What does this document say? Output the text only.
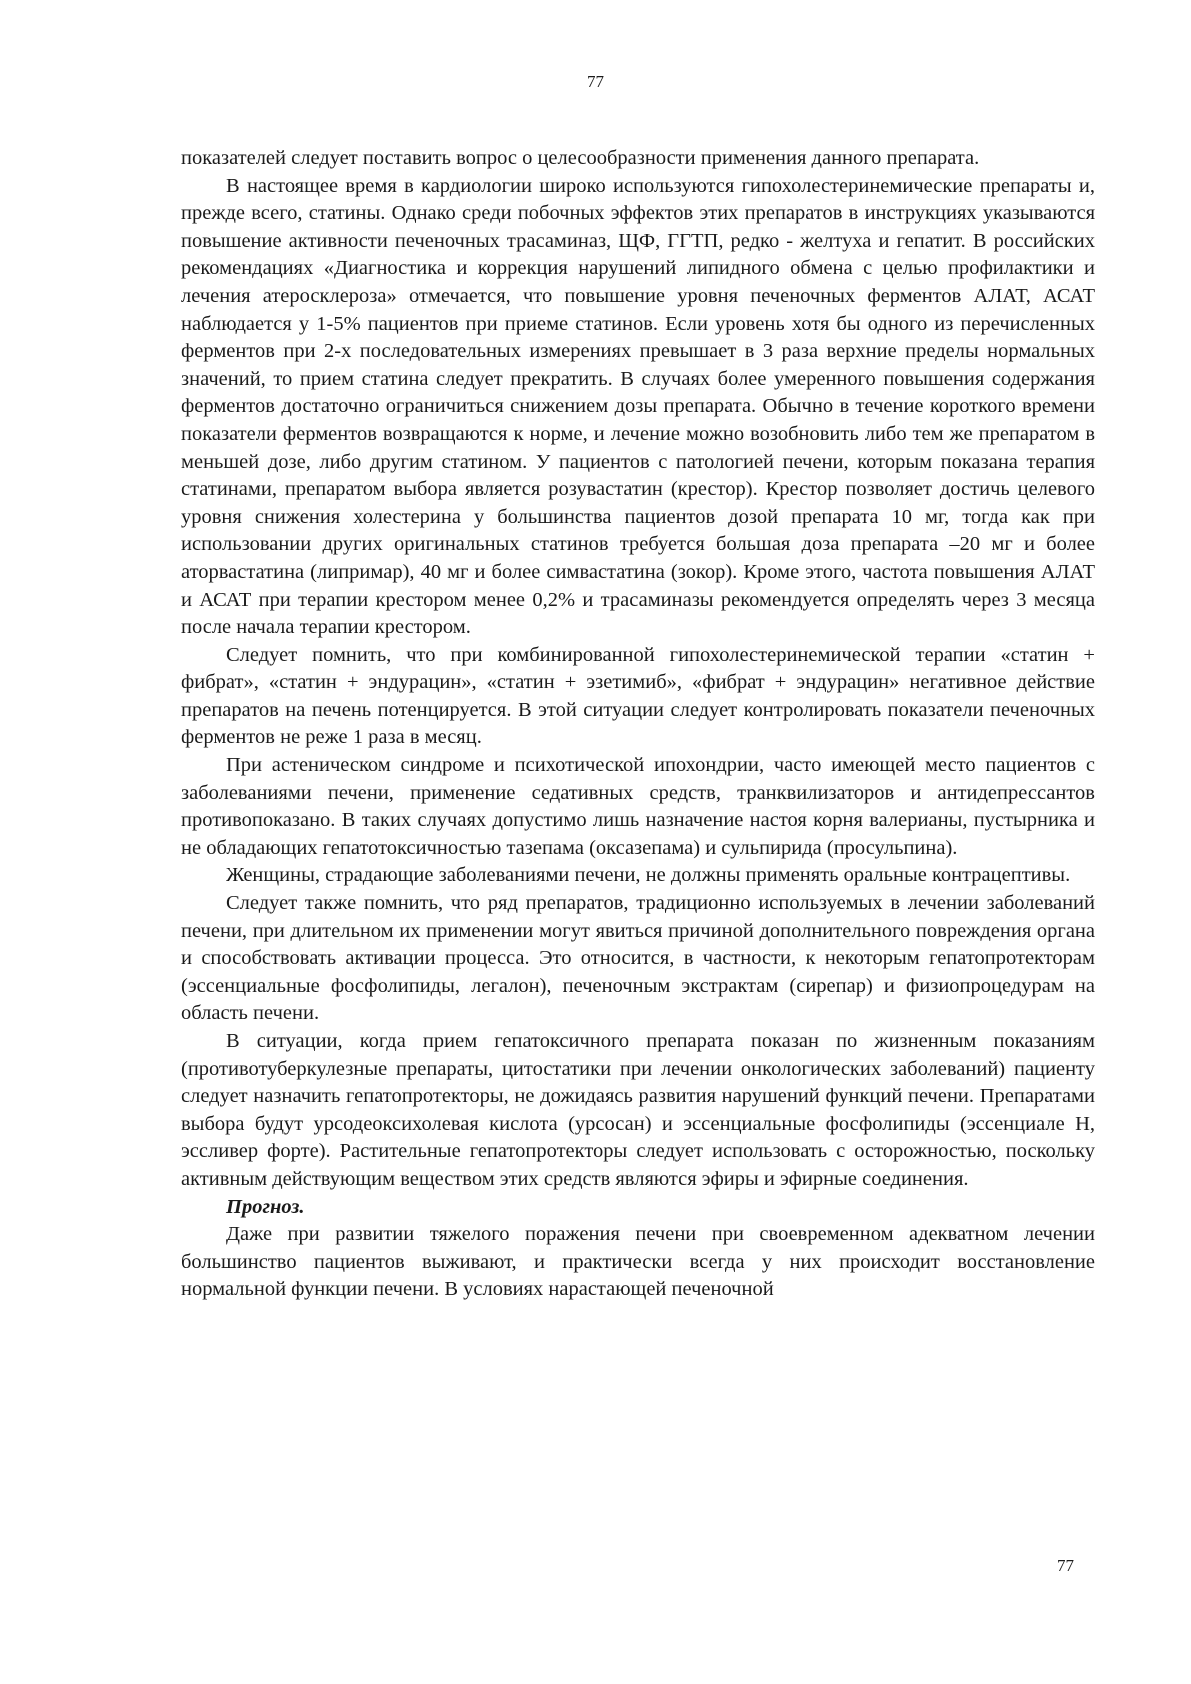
77

показателей следует поставить вопрос о целесообразности применения данного препарата.

В настоящее время в кардиологии широко используются гипохолестеринемические препараты и, прежде всего, статины. Однако среди побочных эффектов этих препаратов в инструкциях указываются повышение активности печеночных трасаминаз, ЩФ, ГГТП, редко - желтуха и гепатит. В российских рекомендациях «Диагностика и коррекция нарушений липидного обмена с целью профилактики и лечения атеросклероза» отмечается, что повышение уровня печеночных ферментов АЛАТ, АСАТ наблюдается у 1-5% пациентов при приеме статинов. Если уровень хотя бы одного из перечисленных ферментов при 2-х последовательных измерениях превышает в 3 раза верхние пределы нормальных значений, то прием статина следует прекратить. В случаях более умеренного повышения содержания ферментов достаточно ограничиться снижением дозы препарата. Обычно в течение короткого времени показатели ферментов возвращаются к норме, и лечение можно возобновить либо тем же препаратом в меньшей дозе, либо другим статином. У пациентов с патологией печени, которым показана терапия статинами, препаратом выбора является розувастатин (крестор). Крестор позволяет достичь целевого уровня снижения холестерина у большинства пациентов дозой препарата 10 мг, тогда как при использовании других оригинальных статинов требуется большая доза препарата –20 мг и более аторвастатина (липримар), 40 мг и более симвастатина (зокор). Кроме этого, частота повышения АЛАТ и АСАТ при терапии крестором менее 0,2% и трасаминазы рекомендуется определять через 3 месяца после начала терапии крестором.

Следует помнить, что при комбинированной гипохолестеринемической терапии «статин + фибрат», «статин + эндурацин», «статин + эзетимиб», «фибрат + эндурацин» негативное действие препаратов на печень потенцируется. В этой ситуации следует контролировать показатели печеночных ферментов не реже 1 раза в месяц.

При астеническом синдроме и психотической ипохондрии, часто имеющей место пациентов с заболеваниями печени, применение седативных средств, транквилизаторов и антидепрессантов противопоказано. В таких случаях допустимо лишь назначение настоя корня валерианы, пустырника и не обладающих гепатотоксичностью тазепама (оксазепама) и сульпирида (просульпина).

Женщины, страдающие заболеваниями печени, не должны применять оральные контрацептивы.

Следует также помнить, что ряд препаратов, традиционно используемых в лечении заболеваний печени, при длительном их применении могут явиться причиной дополнительного повреждения органа и способствовать активации процесса. Это относится, в частности, к некоторым гепатопротекторам (эссенциальные фосфолипиды, легалон), печеночным экстрактам (сирепар) и физиопроцедурам на область печени.

В ситуации, когда прием гепатоксичного препарата показан по жизненным показаниям (противотуберкулезные препараты, цитостатики при лечении онкологических заболеваний) пациенту следует назначить гепатопротекторы, не дожидаясь развития нарушений функций печени. Препаратами выбора будут урсодеоксихолевая кислота (урсосан) и эссенциальные фосфолипиды (эссенциале Н, эссливер форте). Растительные гепатопротекторы следует использовать с осторожностью, поскольку активным действующим веществом этих средств являются эфиры и эфирные соединения.

Прогноз.

Даже при развитии тяжелого поражения печени при своевременном адекватном лечении большинство пациентов выживают, и практически всегда у них происходит восстановление нормальной функции печени. В условиях нарастающей печеночной

77
